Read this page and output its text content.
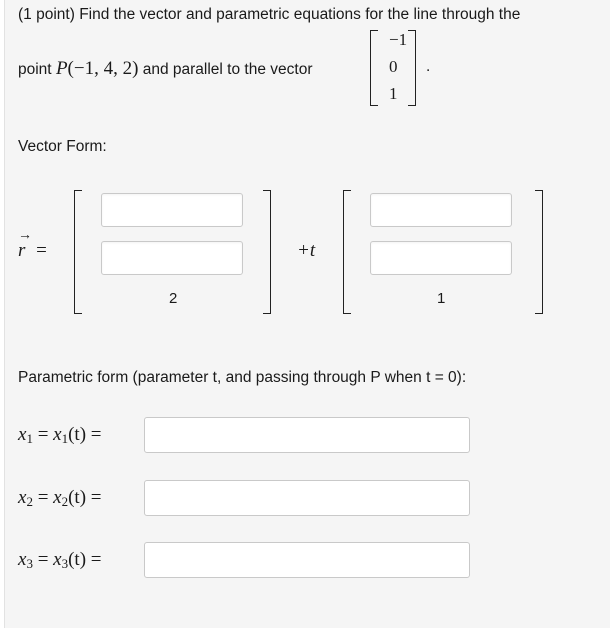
(1 point) Find the vector and parametric equations for the line through the
point P(−1, 4, 2) and parallel to the vector
−1
0
1
.
Vector Form:
→
r =
2
+t
1
Parametric form (parameter t, and passing through P when t = 0):
$x_1 = x_1(t)$ =
$x_2 = x_2(t)$ =
$x_3 = x_3(t)$ =
